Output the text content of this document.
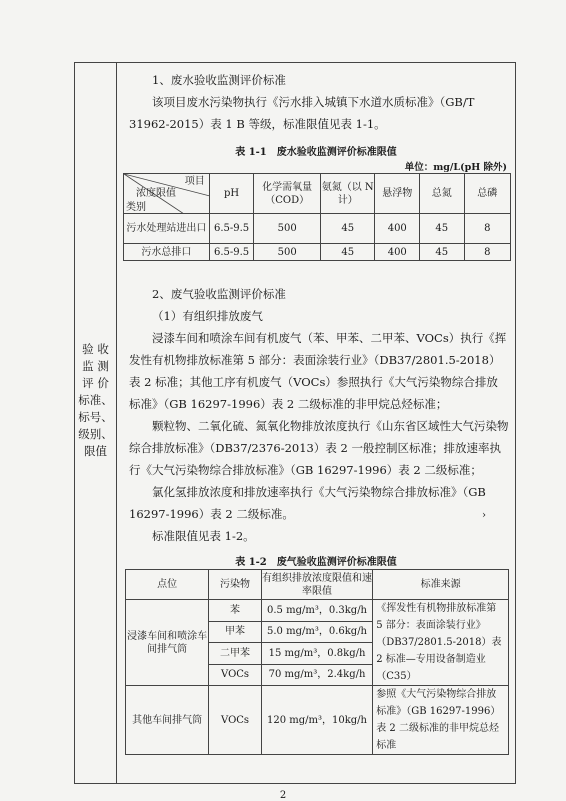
验 收
监 测
评 价
标准、
标号、
级别、
限值
1、废水验收监测评价标准
该项目废水污染物执行《污水排入城镇下水道水质标准》（GB/T 31962-2015）表 1 B 等级，标准限值见表 1-1。
表 1-1　废水验收监测评价标准限值
单位：mg/L(pH 除外)
项目
浓度限值
类别	pH	化学需氧量（COD）	氨氮（以 N 计）	悬浮物	总氮	总磷
污水处理站进出口	6.5-9.5	500	45	400	45	8
污水总排口	6.5-9.5	500	45	400	45	8
2、废气验收监测评价标准
（1）有组织排放废气
浸漆车间和喷涂车间有机废气（苯、甲苯、二甲苯、VOCs）执行《挥发性有机物排放标准第 5 部分：表面涂装行业》（DB37/2801.5-2018）表 2 标准；其他工序有机废气（VOCs）参照执行《大气污染物综合排放标准》（GB 16297-1996）表 2 二级标准的非甲烷总烃标准；
颗粒物、二氧化硫、氮氧化物排放浓度执行《山东省区域性大气污染物综合排放标准》（DB37/2376-2013）表 2 一般控制区标准；排放速率执行《大气污染物综合排放标准》（GB 16297-1996）表 2 二级标准；
氯化氢排放浓度和排放速率执行《大气污染物综合排放标准》（GB 16297-1996）表 2 二级标准。
标准限值见表 1-2。
表 1-2　废气验收监测评价标准限值
点位	污染物	有组织排放浓度限值和速率限值	标准来源
浸漆车间和喷涂车间排气筒	苯	0.5 mg/m³，0.3kg/h	《挥发性有机物排放标准第 5 部分：表面涂装行业》（DB37/2801.5-2018）表 2 标准—专用设备制造业（C35）
	甲苯	5.0 mg/m³，0.6kg/h	
	二甲苯	15 mg/m³，0.8kg/h	
	VOCs	70 mg/m³，2.4kg/h	
其他车间排气筒	VOCs	120 mg/m³，10kg/h	参照《大气污染物综合排放标准》（GB 16297-1996）表 2 二级标准的非甲烷总烃标准
›
2
